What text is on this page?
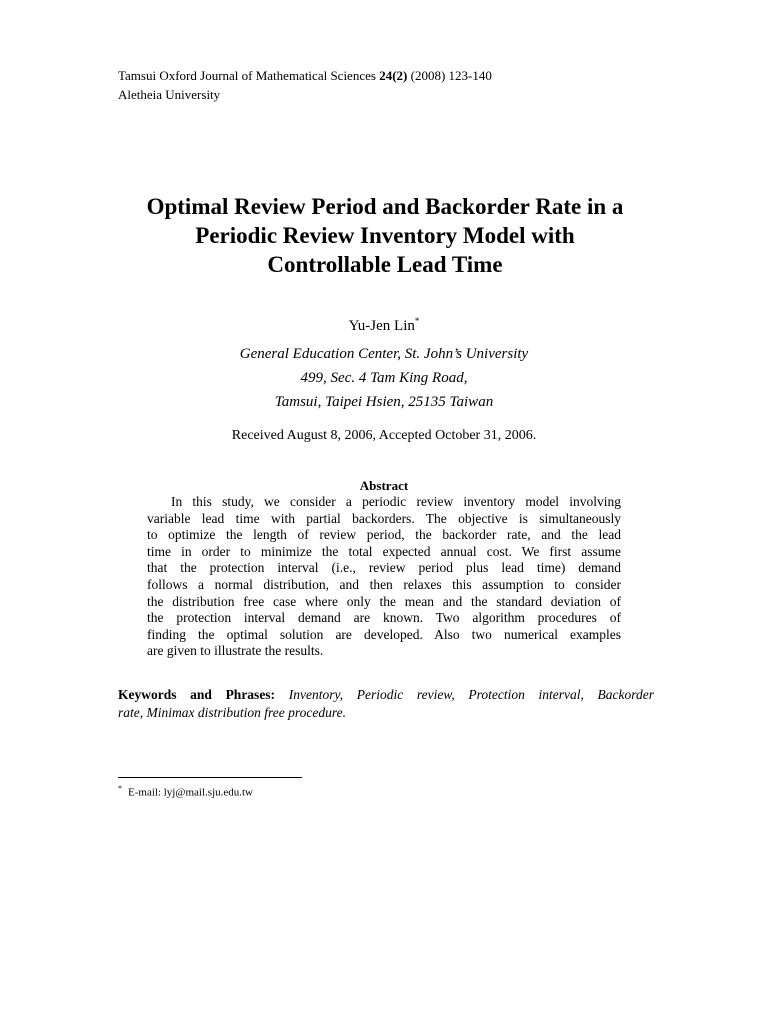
Tamsui Oxford Journal of Mathematical Sciences 24(2) (2008) 123-140
Aletheia University
Optimal Review Period and Backorder Rate in a
Periodic Review Inventory Model with
Controllable Lead Time
Yu-Jen Lin*
General Education Center, St. John’s University
499, Sec. 4 Tam King Road,
Tamsui, Taipei Hsien, 25135 Taiwan
Received August 8, 2006, Accepted October 31, 2006.
Abstract
In this study, we consider a periodic review inventory model involving
variable lead time with partial backorders. The objective is simultaneously
to optimize the length of review period, the backorder rate, and the lead
time in order to minimize the total expected annual cost. We first assume
that the protection interval (i.e., review period plus lead time) demand
follows a normal distribution, and then relaxes this assumption to consider
the distribution free case where only the mean and the standard deviation of
the protection interval demand are known. Two algorithm procedures of
finding the optimal solution are developed. Also two numerical examples
are given to illustrate the results.
Keywords and Phrases: Inventory, Periodic review, Protection interval, Backorder
rate, Minimax distribution free procedure.
* E-mail: lyj@mail.sju.edu.tw
